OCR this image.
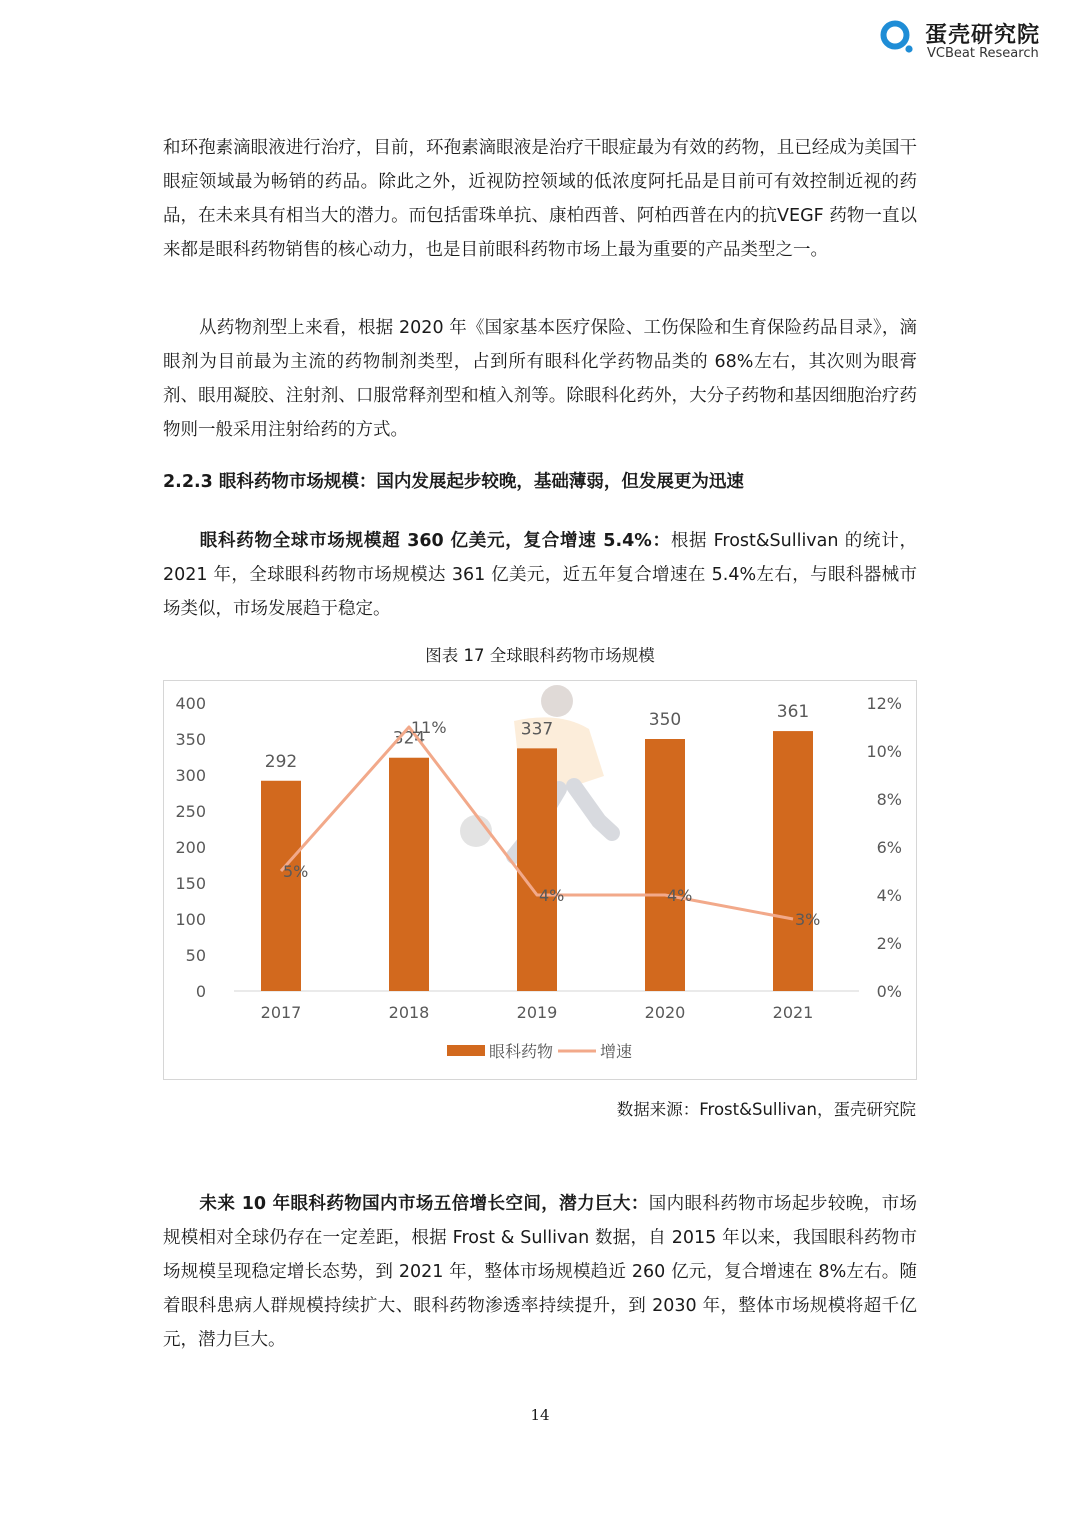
蛋壳研究院
VCBeat Research

和环孢素滴眼液进行治疗，目前，环孢素滴眼液是治疗干眼症最为有效的药物，且已经成为美国干眼症领域最为畅销的药品。除此之外，近视防控领域的低浓度阿托品是目前可有效控制近视的药品，在未来具有相当大的潜力。而包括雷珠单抗、康柏西普、阿柏西普在内的抗VEGF 药物一直以来都是眼科药物销售的核心动力，也是目前眼科药物市场上最为重要的产品类型之一。

从药物剂型上来看，根据 2020 年《国家基本医疗保险、工伤保险和生育保险药品目录》，滴眼剂为目前最为主流的药物制剂类型，占到所有眼科化学药物品类的 68%左右，其次则为眼膏剂、眼用凝胶、注射剂、口服常释剂型和植入剂等。除眼科化药外，大分子药物和基因细胞治疗药物则一般采用注射给药的方式。

2.2.3 眼科药物市场规模：国内发展起步较晚，基础薄弱，但发展更为迅速

眼科药物全球市场规模超 360 亿美元，复合增速 5.4%：根据 Frost&Sullivan 的统计，2021 年，全球眼科药物市场规模达 361 亿美元，近五年复合增速在 5.4%左右，与眼科器械市场类似，市场发展趋于稳定。

图表 17 全球眼科药物市场规模
292
324	337	350	361
5%
11%
4%	4%
3%
0
50
100
150
200
250
300
350
400
0%
2%
4%
6%
8%
10%
12%
2017	2018	2019	2020	2021
眼科药物	增速
数据来源：Frost&Sullivan，蛋壳研究院

未来 10 年眼科药物国内市场五倍增长空间，潜力巨大：国内眼科药物市场起步较晚，市场规模相对全球仍存在一定差距，根据 Frost & Sullivan 数据，自 2015 年以来，我国眼科药物市场规模呈现稳定增长态势，到 2021 年，整体市场规模趋近 260 亿元，复合增速在 8%左右。随着眼科患病人群规模持续扩大、眼科药物渗透率持续提升，到 2030 年，整体市场规模将超千亿元，潜力巨大。

14
